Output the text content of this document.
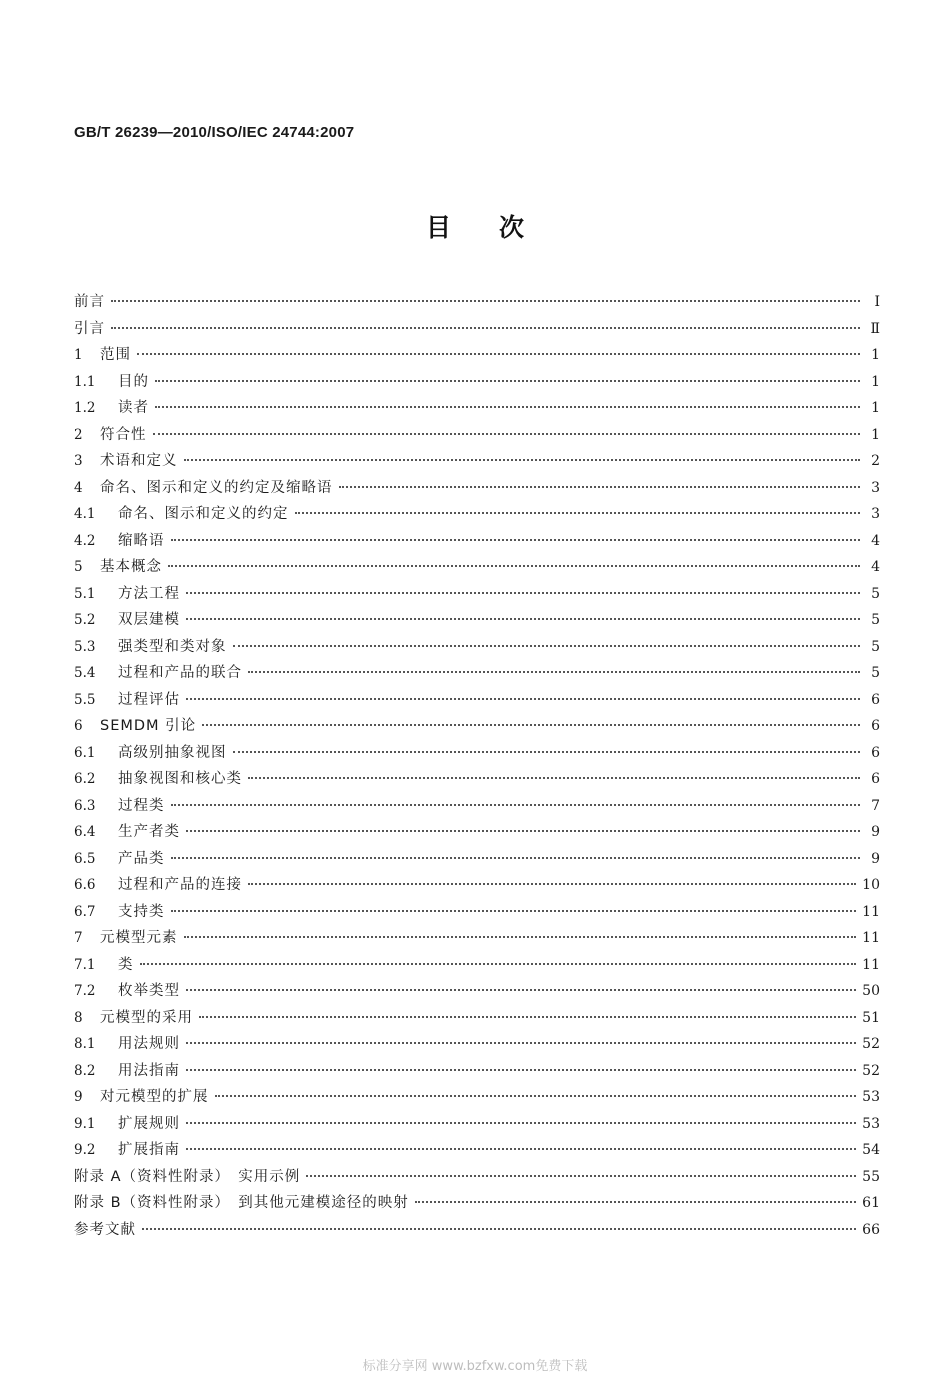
GB/T 26239—2010/ISO/IEC 24744:2007
目次
前言	Ⅰ
引言	Ⅱ
1	范围	1
1.1	目的	1
1.2	读者	1
2	符合性	1
3	术语和定义	2
4	命名、图示和定义的约定及缩略语	3
4.1	命名、图示和定义的约定	3
4.2	缩略语	4
5	基本概念	4
5.1	方法工程	5
5.2	双层建模	5
5.3	强类型和类对象	5
5.4	过程和产品的联合	5
5.5	过程评估	6
6	SEMDM 引论	6
6.1	高级别抽象视图	6
6.2	抽象视图和核心类	6
6.3	过程类	7
6.4	生产者类	9
6.5	产品类	9
6.6	过程和产品的连接	10
6.7	支持类	11
7	元模型元素	11
7.1	类	11
7.2	枚举类型	50
8	元模型的采用	51
8.1	用法规则	52
8.2	用法指南	52
9	对元模型的扩展	53
9.1	扩展规则	53
9.2	扩展指南	54
附录 A（资料性附录）　实用示例	55
附录 B（资料性附录）　到其他元建模途径的映射	61
参考文献	66
标准分享网 www.bzfxw.com免费下载
